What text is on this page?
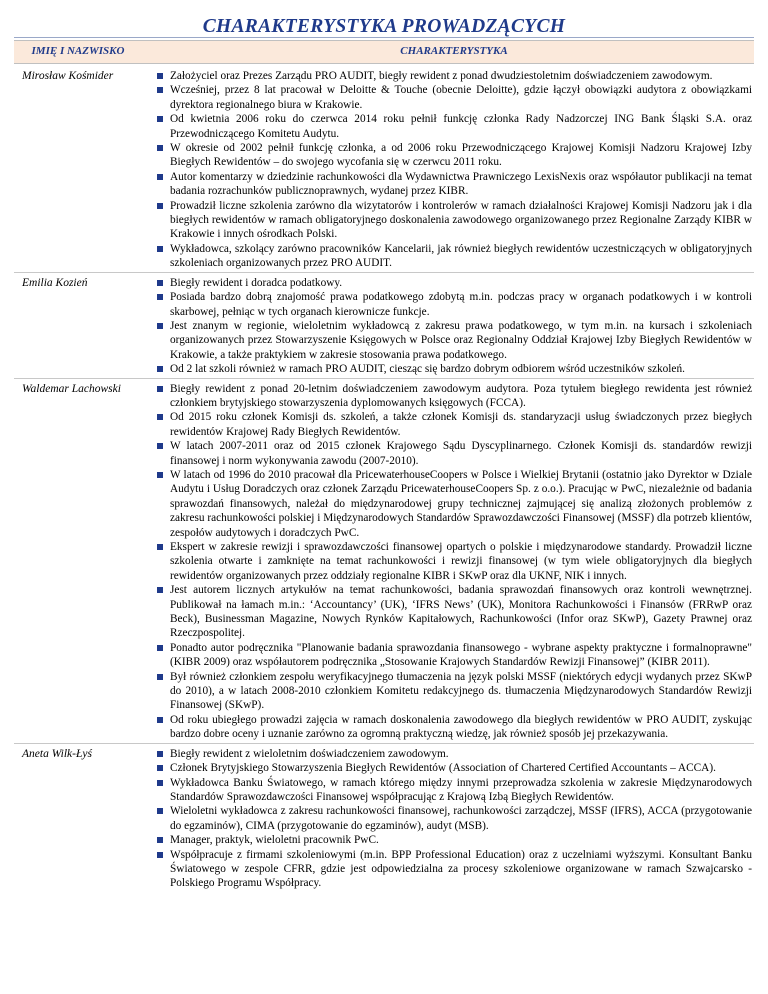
CHARAKTERYSTYKA PROWADZĄCYCH
IMIĘ I NAZWISKO	CHARAKTERYSTYKA
Mirosław Kośmider	Założyciel oraz Prezes Zarządu PRO AUDIT, biegły rewident z ponad dwudziestoletnim doświadczeniem zawodowym.
Wcześniej, przez 8 lat pracował w Deloitte & Touche (obecnie Deloitte), gdzie łączył obowiązki audytora z obowiązkami dyrektora regionalnego biura w Krakowie.
Od kwietnia 2006 roku do czerwca 2014 roku pełnił funkcję członka Rady Nadzorczej ING Bank Śląski S.A. oraz Przewodniczącego Komitetu Audytu.
W okresie od 2002 pełnił funkcję członka, a od 2006 roku Przewodniczącego Krajowej Komisji Nadzoru Krajowej Izby Biegłych Rewidentów – do swojego wycofania się w czerwcu 2011 roku.
Autor komentarzy w dziedzinie rachunkowości dla Wydawnictwa Prawniczego LexisNexis oraz współautor publikacji na temat badania rozrachunków publicznoprawnych, wydanej przez KIBR.
Prowadził liczne szkolenia zarówno dla wizytatorów i kontrolerów w ramach działalności Krajowej Komisji Nadzoru jak i dla biegłych rewidentów w ramach obligatoryjnego doskonalenia zawodowego organizowanego przez Regionalne Zarządy KIBR w Krakowie i innych ośrodkach Polski.
Wykładowca, szkolący zarówno pracowników Kancelarii, jak również biegłych rewidentów uczestniczących w obligatoryjnych szkoleniach organizowanych przez PRO AUDIT.
Emilia Kozień	Biegły rewident i doradca podatkowy.
Posiada bardzo dobrą znajomość prawa podatkowego zdobytą m.in. podczas pracy w organach podatkowych i w kontroli skarbowej, pełniąc w tych organach kierownicze funkcje.
Jest znanym w regionie, wieloletnim wykładowcą z zakresu prawa podatkowego, w tym m.in. na kursach i szkoleniach organizowanych przez Stowarzyszenie Księgowych w Polsce oraz Regionalny Oddział Krajowej Izby Biegłych Rewidentów w Krakowie, a także praktykiem w zakresie stosowania prawa podatkowego.
Od 2 lat szkoli również w ramach PRO AUDIT, ciesząc się bardzo dobrym odbiorem wśród uczestników szkoleń.
Waldemar Lachowski	Biegły rewident z ponad 20-letnim doświadczeniem zawodowym audytora. Poza tytułem biegłego rewidenta jest również członkiem brytyjskiego stowarzyszenia dyplomowanych księgowych (FCCA).
Od 2015 roku członek Komisji ds. szkoleń, a także członek Komisji ds. standaryzacji usług świadczonych przez biegłych rewidentów Krajowej Rady Biegłych Rewidentów.
W latach 2007-2011 oraz od 2015 członek Krajowego Sądu Dyscyplinarnego. Członek Komisji ds. standardów rewizji finansowej i norm wykonywania zawodu (2007-2010).
W latach od 1996 do 2010 pracował dla PricewaterhouseCoopers w Polsce i Wielkiej Brytanii (ostatnio jako Dyrektor w Dziale Audytu i Usług Doradczych oraz członek Zarządu PricewaterhouseCoopers Sp. z o.o.). Pracując w PwC, niezależnie od badania sprawozdań finansowych, należał do międzynarodowej grupy technicznej zajmującej się analizą złożonych problemów z zakresu rachunkowości polskiej i Międzynarodowych Standardów Sprawozdawczości Finansowej (MSSF) dla potrzeb klientów, zespołów audytowych i doradczych PwC.
Ekspert w zakresie rewizji i sprawozdawczości finansowej opartych o polskie i międzynarodowe standardy. Prowadził liczne szkolenia otwarte i zamknięte na temat rachunkowości i rewizji finansowej (w tym wiele obligatoryjnych dla biegłych rewidentów organizowanych przez oddziały regionalne KIBR i SKwP oraz dla UKNF, NIK i innych.
Jest autorem licznych artykułów na temat rachunkowości, badania sprawozdań finansowych oraz kontroli wewnętrznej. Publikował na łamach m.in.: ‘Accountancy’ (UK), ‘IFRS News’ (UK), Monitora Rachunkowości i Finansów (FRRwP oraz Beck), Businessman Magazine, Nowych Rynków Kapitałowych, Rachunkowości (Infor oraz SKwP), Gazety Prawnej oraz Rzeczpospolitej.
Ponadto autor podręcznika "Planowanie badania sprawozdania finansowego - wybrane aspekty praktyczne i formalnoprawne" (KIBR 2009) oraz współautorem podręcznika „Stosowanie Krajowych Standardów Rewizji Finansowej” (KIBR 2011).
Był również członkiem zespołu weryfikacyjnego tłumaczenia na język polski MSSF (niektórych edycji wydanych przez SKwP do 2010), a w latach 2008-2010 członkiem Komitetu redakcyjnego ds. tłumaczenia Międzynarodowych Standardów Rewizji Finansowej (SKwP).
Od roku ubiegłego prowadzi zajęcia w ramach doskonalenia zawodowego dla biegłych rewidentów w PRO AUDIT, zyskując bardzo dobre oceny i uznanie zarówno za ogromną praktyczną wiedzę, jak również sposób jej przekazywania.
Aneta Wilk-Łyś	Biegły rewident z wieloletnim doświadczeniem zawodowym.
Członek Brytyjskiego Stowarzyszenia Biegłych Rewidentów (Association of Chartered Certified Accountants – ACCA).
Wykładowca Banku Światowego, w ramach którego między innymi przeprowadza szkolenia w zakresie Międzynarodowych Standardów Sprawozdawczości Finansowej współpracując z Krajową Izbą Biegłych Rewidentów.
Wieloletni wykładowca z zakresu rachunkowości finansowej, rachunkowości zarządczej, MSSF (IFRS), ACCA (przygotowanie do egzaminów), CIMA (przygotowanie do egzaminów), audyt (MSB).
Manager, praktyk, wieloletni pracownik PwC.
Współpracuje z firmami szkoleniowymi (m.in. BPP Professional Education) oraz z uczelniami wyższymi. Konsultant Banku Światowego w zespole CFRR, gdzie jest odpowiedzialna za procesy szkoleniowe organizowane w ramach Szwajcarsko - Polskiego Programu Współpracy.
